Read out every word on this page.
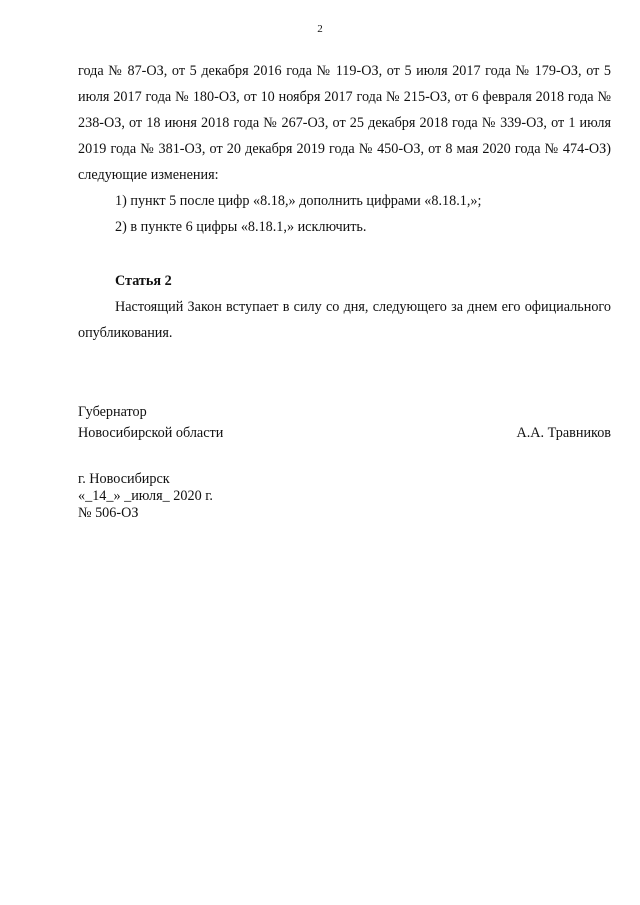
2

года № 87-ОЗ, от 5 декабря 2016 года № 119-ОЗ, от 5 июля 2017 года № 179-ОЗ, от 5 июля 2017 года № 180-ОЗ, от 10 ноября 2017 года № 215-ОЗ, от 6 февраля 2018 года № 238-ОЗ, от 18 июня 2018 года № 267-ОЗ, от 25 декабря 2018 года № 339-ОЗ, от 1 июля 2019 года № 381-ОЗ, от 20 декабря 2019 года № 450-ОЗ, от 8 мая 2020 года № 474-ОЗ) следующие изменения:

1) пункт 5 после цифр «8.18,» дополнить цифрами «8.18.1,»;

2) в пункте 6 цифры «8.18.1,» исключить.

Статья 2

Настоящий Закон вступает в силу со дня, следующего за днем его официального опубликования.

Губернатор
Новосибирской области	А.А. Травников
г. Новосибирск
«_14_» _июля_ 2020 г.
№ 506-ОЗ
